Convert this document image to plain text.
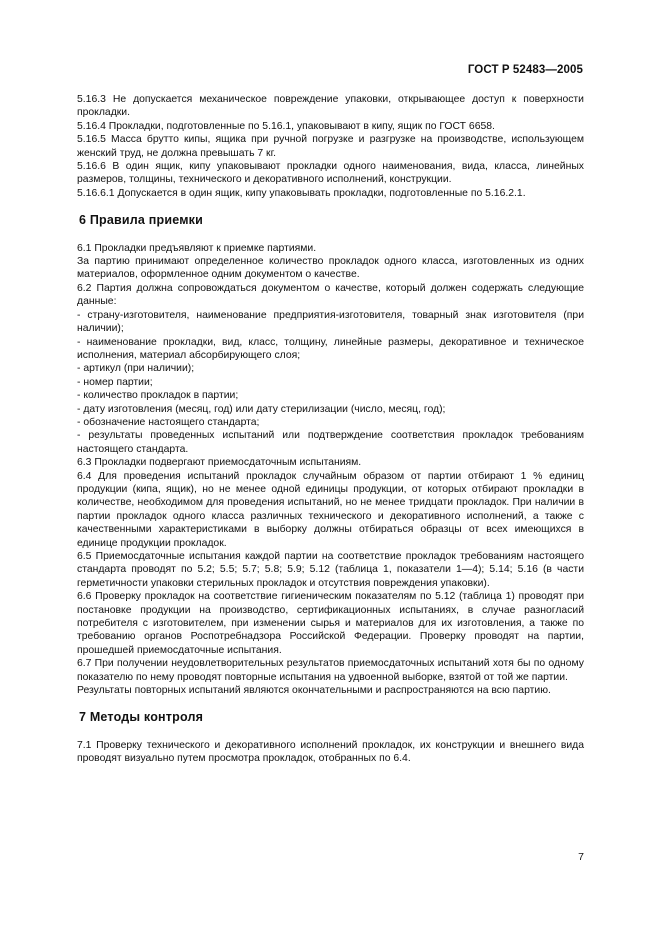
ГОСТ Р 52483—2005

5.16.3 Не допускается механическое повреждение упаковки, открывающее доступ к поверхности прокладки.

5.16.4 Прокладки, подготовленные по 5.16.1, упаковывают в кипу, ящик по ГОСТ 6658.

5.16.5 Масса брутто кипы, ящика при ручной погрузке и разгрузке на производстве, использующем женский труд, не должна превышать 7 кг.

5.16.6 В один ящик, кипу упаковывают прокладки одного наименования, вида, класса, линейных размеров, толщины, технического и декоративного исполнений, конструкции.

5.16.6.1 Допускается в один ящик, кипу упаковывать прокладки, подготовленные по 5.16.2.1.

6 Правила приемки

6.1 Прокладки предъявляют к приемке партиями.

За партию принимают определенное количество прокладок одного класса, изготовленных из одних материалов, оформленное одним документом о качестве.

6.2 Партия должна сопровождаться документом о качестве, который должен содержать следующие данные:

- страну-изготовителя, наименование предприятия-изготовителя, товарный знак изготовителя (при наличии);

- наименование прокладки, вид, класс, толщину, линейные размеры, декоративное и техническое исполнения, материал абсорбирующего слоя;

- артикул (при наличии);

- номер партии;

- количество прокладок в партии;

- дату изготовления (месяц, год) или дату стерилизации (число, месяц, год);

- обозначение настоящего стандарта;

- результаты проведенных испытаний или подтверждение соответствия прокладок требованиям настоящего стандарта.

6.3 Прокладки подвергают приемосдаточным испытаниям.

6.4 Для проведения испытаний прокладок случайным образом от партии отбирают 1 % единиц продукции (кипа, ящик), но не менее одной единицы продукции, от которых отбирают прокладки в количестве, необходимом для проведения испытаний, но не менее тридцати прокладок. При наличии в партии прокладок одного класса различных технического и декоративного исполнений, а также с качественными характеристиками в выборку должны отбираться образцы от всех имеющихся в единице продукции прокладок.

6.5 Приемосдаточные испытания каждой партии на соответствие прокладок требованиям настоящего стандарта проводят по 5.2; 5.5; 5.7; 5.8; 5.9; 5.12 (таблица 1, показатели 1—4); 5.14; 5.16 (в части герметичности упаковки стерильных прокладок и отсутствия повреждения упаковки).

6.6 Проверку прокладок на соответствие гигиеническим показателям по 5.12 (таблица 1) проводят при постановке продукции на производство, сертификационных испытаниях, в случае разногласий потребителя с изготовителем, при изменении сырья и материалов для их изготовления, а также по требованию органов Роспотребнадзора Российской Федерации. Проверку проводят на партии, прошедшей приемосдаточные испытания.

6.7 При получении неудовлетворительных результатов приемосдаточных испытаний хотя бы по одному показателю по нему проводят повторные испытания на удвоенной выборке, взятой от той же партии.

Результаты повторных испытаний являются окончательными и распространяются на всю партию.

7 Методы контроля

7.1 Проверку технического и декоративного исполнений прокладок, их конструкции и внешнего вида проводят визуально путем просмотра прокладок, отобранных по 6.4.

7
